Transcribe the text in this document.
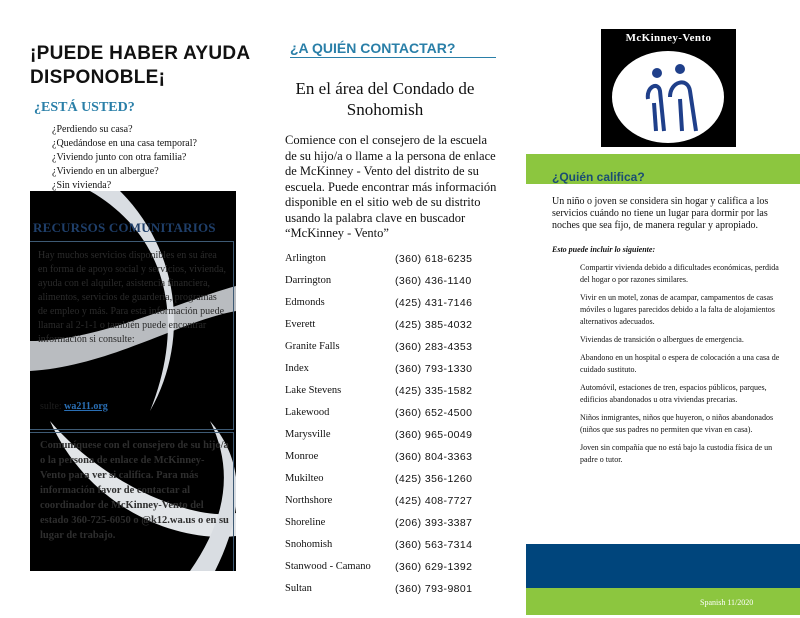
¡PUEDE HABER AYUDA DISPONOBLE¡
¿ESTÁ USTED?
¿Perdiendo su casa?
¿Quedándose en una casa temporal?
¿Viviendo junto con otra familia?
¿Viviendo en un albergue?
¿Sin vivienda?
RECURSOS COMUNITARIOS
Hay muchos servicios disponibles en su área en forma de apoyo social y servicios, vivienda, ayuda con el alquiler, asistencia financiera, alimentos, servicios de guardería, programas de empleo y más. Para esta información puede llamar al 2-1-1 o también puede encontrar información si consulte:
sulte: wa211.org
Comuníquese con el consejero de su hijo/a o la persona de enlace de McKinney-Vento para ver si califica. Para más información favor de contactar al coordinador de McKinney-Vento del estado 360-725-6050 o @k12.wa.us o en su lugar de trabajo.
¿A QUIÉN CONTACTAR?
En el área del Condado de Snohomish
Comience con el consejero de la escuela de su hijo/a o llame a la persona de enlace de McKinney - Vento del distrito de su escuela. Puede encontrar más información disponible en el sitio web de su distrito usando la palabra clave en buscador “McKinney - Vento”
Arlington	(360) 618-6235
Darrington	(360) 436-1140
Edmonds	(425) 431-7146
Everett	(425) 385-4032
Granite Falls	(360) 283-4353
Index	(360) 793-1330
Lake Stevens	(425) 335-1582
Lakewood	(360) 652-4500
Marysville	(360) 965-0049
Monroe	(360) 804-3363
Mukilteo	(425) 356-1260
Northshore	(425) 408-7727
Shoreline	(206) 393-3387
Snohomish	(360) 563-7314
Stanwood - Camano (360) 629-1392
Sultan	(360) 793-9801
McKinney-Vento
¿Quién califica?
Un niño o joven se considera sin hogar y califica a los servicios cuándo no tiene un lugar para dormir por las noches que sea fijo, de manera regular y apropiado.
Esto puede incluir lo siguiente:
Compartir vivienda debido a dificultades económicas, perdida del hogar o por razones similares.
Vivir en un motel, zonas de acampar, campamentos de casas móviles o lugares parecidos debido a la falta de alojamientos alternativos adecuados.
Viviendas de transición o albergues de emergencia.
Abandono en un hospital o espera de colocación a una casa de cuidado sustituto.
Automóvil, estaciones de tren, espacios públicos, parques, edificios abandonados u otra viviendas precarias.
Niños inmigrantes, niños que huyeron, o niños abandonados (niños que sus padres no permiten que vivan en casa).
Joven sin compañía que no está bajo la custodia física de un padre o tutor.
Spanish 11/2020
